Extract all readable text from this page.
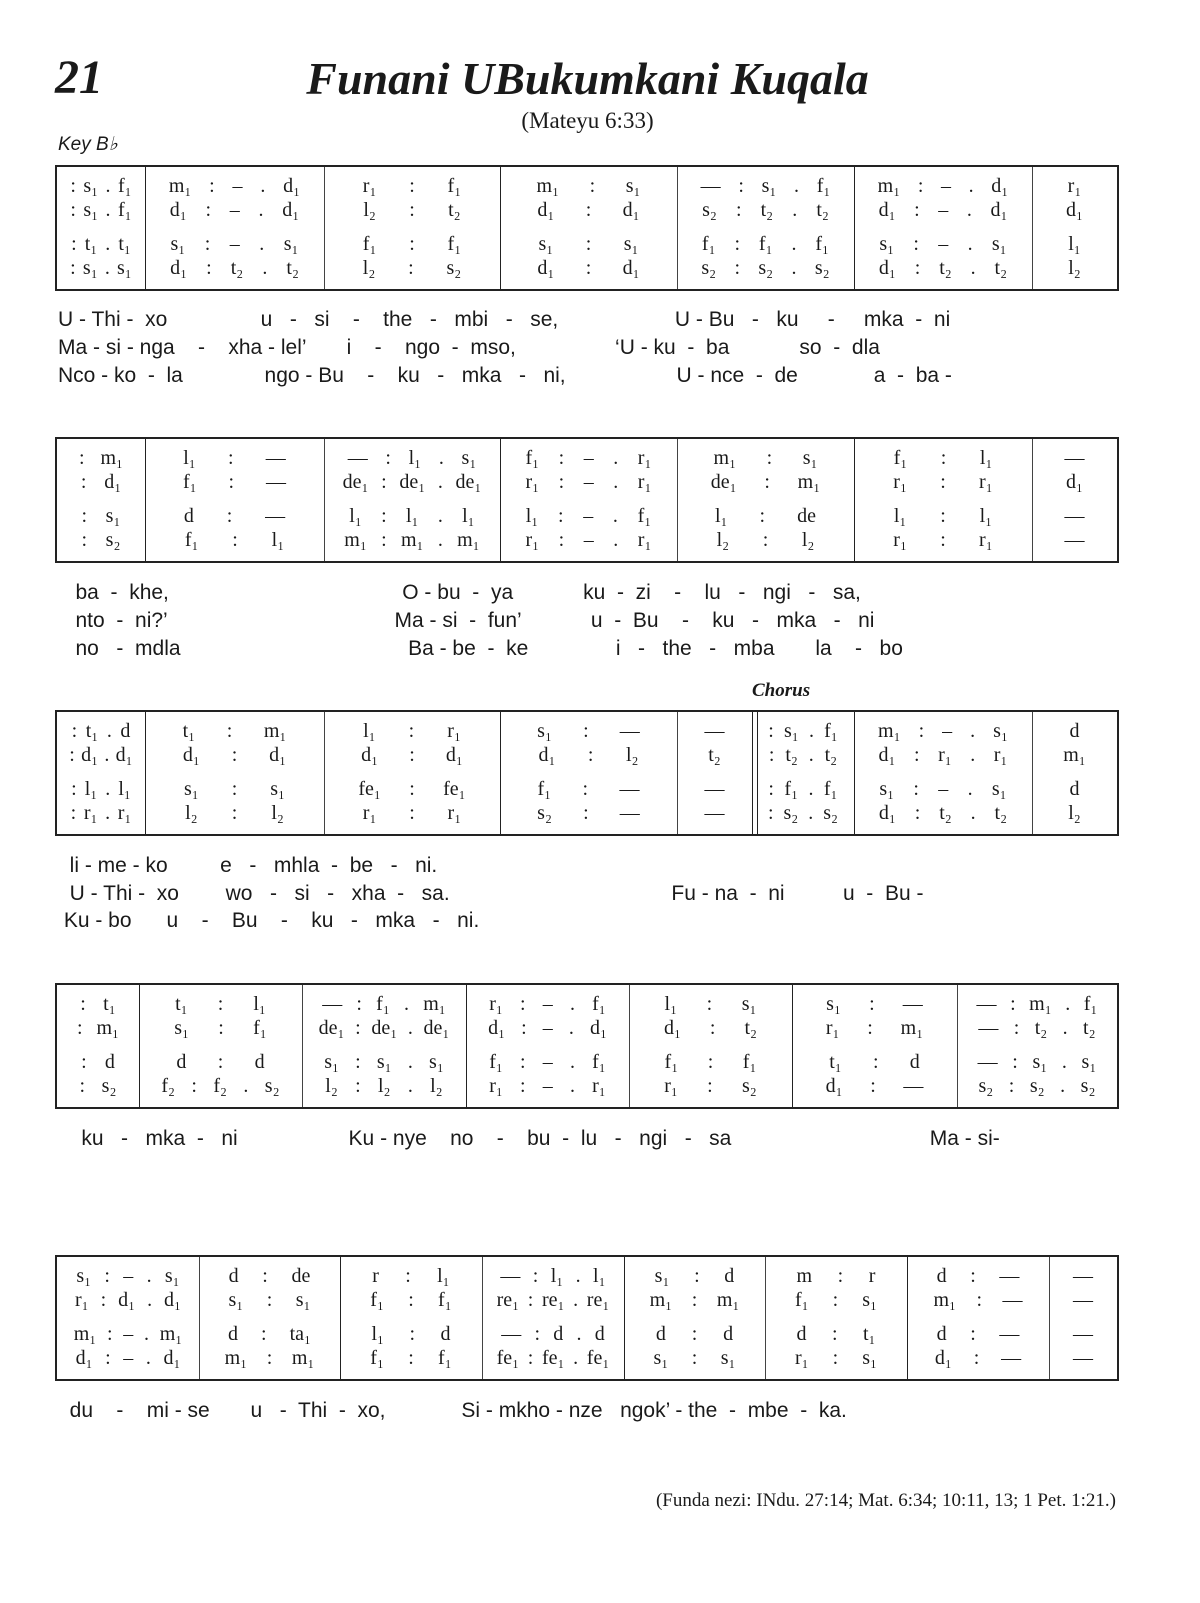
21	Funani UBukumkani Kuqala
(Mateyu 6:33)
Key B♭
Chorus
: s₁ . f₁
: s₁ . f₁
: t₁ . t₁
: s₁ . s₁
m₁ : – . d₁
d₁ : – . d₁
s₁ : – . s₁
d₁ : t₂ . t₂
r₁ : f₁
l₂ : t₂
f₁ : f₁
l₂ : s₂
m₁ : s₁
d₁ : d₁
s₁ : s₁
d₁ : d₁
— : s₁ . f₁
s₂ : t₂ . t₂
f₁ : f₁ . f₁
s₂ : s₂ . s₂
m₁ : – . d₁
d₁ : – . d₁
s₁ : – . s₁
d₁ : t₂ . t₂
r₁
d₁
l₁
l₂
U - Thi -  xo                u   -   si    -    the   -   mbi   -   se,                    U - Bu   -   ku     -     mka  -  ni
Ma - si - nga    -    xha - lel’       i    -    ngo  -  mso,                 ‘U - ku  -  ba            so  -  dla
Nco - ko  -  la              ngo - Bu    -    ku   -   mka   -   ni,                   U - nce  -  de             a  -  ba -
: m₁
: d₁
: s₁
: s₂
l₁ : —
f₁ : —
d : —
f₁ : l₁
— : l₁ . s₁
de₁ : de₁ . de₁
l₁ : l₁ . l₁
m₁ : m₁ . m₁
f₁ : – . r₁
r₁ : – . r₁
l₁ : – . f₁
r₁ : – . r₁
m₁ : s₁
de₁ : m₁
l₁ : de
l₂ : l₂
f₁ : l₁
r₁ : r₁
l₁ : l₁
r₁ : r₁
—
d₁
—
—
ba  -  khe,                                        O - bu  -  ya            ku  -  zi    -    lu   -   ngi   -   sa,
nto  -  ni?’                                       Ma - si  -  fun’            u  -  Bu    -    ku   -   mka   -   ni
no   -  mdla                                       Ba - be  -  ke               i   -   the   -   mba       la    -   bo
: t₁ . d
: d₁ . d₁
: l₁ . l₁
: r₁ . r₁
t₁ : m₁
d₁ : d₁
s₁ : s₁
l₂ : l₂
l₁ : r₁
d₁ : d₁
fe₁ : fe₁
r₁ : r₁
s₁ : —
d₁ : l₂
f₁ : —
s₂ : —
—
t₂
—
—
: s₁ . f₁
: t₂ . t₂
: f₁ . f₁
: s₂ . s₂
m₁ : – . s₁
d₁ : r₁ . r₁
s₁ : – . s₁
d₁ : t₂ . t₂
d
m₁
d
l₂
li - me - ko         e   -   mhla  -  be   -   ni.
U - Thi -  xo        wo   -   si   -   xha  -   sa.                                      Fu - na  -  ni          u  -  Bu -
Ku - bo      u    -    Bu    -    ku   -   mka   -   ni.
: t₁
: m₁
: d
: s₂
t₁ : l₁
s₁ : f₁
d : d
f₂ : f₂ . s₂
— : f₁ . m₁
de₁ : de₁ . de₁
s₁ : s₁ . s₁
l₂ : l₂ . l₂
r₁ : – . f₁
d₁ : – . d₁
f₁ : – . f₁
r₁ : – . r₁
l₁ : s₁
d₁ : t₂
f₁ : f₁
r₁ : s₂
s₁ : —
r₁ : m₁
t₁ : d
d₁ : —
— : m₁ . f₁
— : t₂ . t₂
— : s₁ . s₁
s₂ : s₂ . s₂
ku   -   mka  -   ni                   Ku - nye    no    -    bu  -  lu   -   ngi   -   sa                                  Ma - si-
s₁ : – . s₁
r₁ : d₁ . d₁
m₁ : – . m₁
d₁ : – . d₁
d : de
s₁ : s₁
d : ta₁
m₁ : m₁
r : l₁
f₁ : f₁
l₁ : d
f₁ : f₁
— : l₁ . l₁
re₁ : re₁ . re₁
— : d . d
fe₁ : fe₁ . fe₁
s₁ : d
m₁ : m₁
d : d
s₁ : s₁
m : r
f₁ : s₁
d : t₁
r₁ : s₁
d : —
m₁ : —
d : —
d₁ : —
—
—
—
—
du    -    mi - se       u   -  Thi  -  xo,             Si - mkho - nze   ngok’ - the  -  mbe  -  ka.
(Funda nezi: INdu. 27:14; Mat. 6:34; 10:11, 13; 1 Pet. 1:21.)
